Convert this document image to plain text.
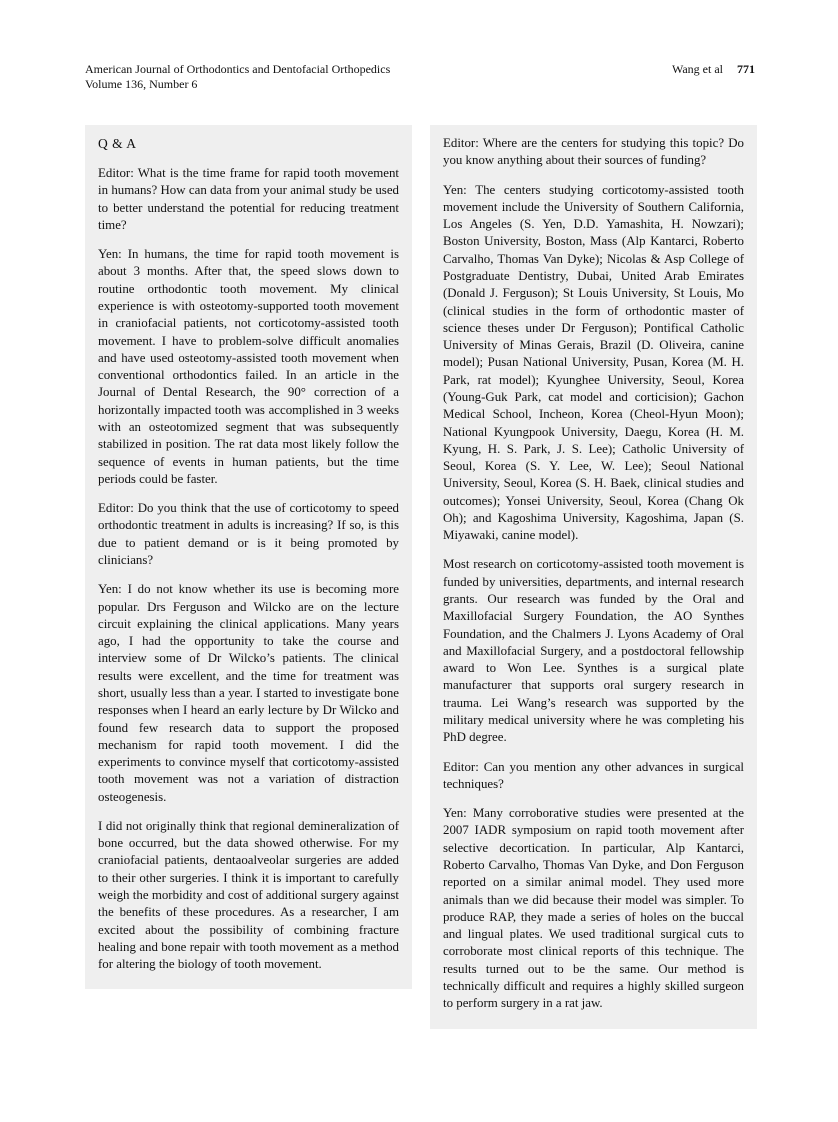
American Journal of Orthodontics and Dentofacial Orthopedics
Volume 136, Number 6
Wang et al 771
Q & A

Editor: What is the time frame for rapid tooth movement in humans? How can data from your animal study be used to better understand the potential for reducing treatment time?

Yen: In humans, the time for rapid tooth movement is about 3 months. After that, the speed slows down to routine orthodontic tooth movement. My clinical experience is with osteotomy-supported tooth movement in craniofacial patients, not corticotomy-assisted tooth movement. I have to problem-solve difficult anomalies and have used osteotomy-assisted tooth movement when conventional orthodontics failed. In an article in the Journal of Dental Research, the 90° correction of a horizontally impacted tooth was accomplished in 3 weeks with an osteotomized segment that was subsequently stabilized in position. The rat data most likely follow the sequence of events in human patients, but the time periods could be faster.

Editor: Do you think that the use of corticotomy to speed orthodontic treatment in adults is increasing? If so, is this due to patient demand or is it being promoted by clinicians?

Yen: I do not know whether its use is becoming more popular. Drs Ferguson and Wilcko are on the lecture circuit explaining the clinical applications. Many years ago, I had the opportunity to take the course and interview some of Dr Wilcko’s patients. The clinical results were excellent, and the time for treatment was short, usually less than a year. I started to investigate bone responses when I heard an early lecture by Dr Wilcko and found few research data to support the proposed mechanism for rapid tooth movement. I did the experiments to convince myself that corticotomy-assisted tooth movement was not a variation of distraction osteogenesis.

I did not originally think that regional demineralization of bone occurred, but the data showed otherwise. For my craniofacial patients, dentaoalveolar surgeries are added to their other surgeries. I think it is important to carefully weigh the morbidity and cost of additional surgery against the benefits of these procedures. As a researcher, I am excited about the possibility of combining fracture healing and bone repair with tooth movement as a method for altering the biology of tooth movement.

Editor: Where are the centers for studying this topic? Do you know anything about their sources of funding?

Yen: The centers studying corticotomy-assisted tooth movement include the University of Southern California, Los Angeles (S. Yen, D.D. Yamashita, H. Nowzari); Boston University, Boston, Mass (Alp Kantarci, Roberto Carvalho, Thomas Van Dyke); Nicolas & Asp College of Postgraduate Dentistry, Dubai, United Arab Emirates (Donald J. Ferguson); St Louis University, St Louis, Mo (clinical studies in the form of orthodontic master of science theses under Dr Ferguson); Pontifical Catholic University of Minas Gerais, Brazil (D. Oliveira, canine model); Pusan National University, Pusan, Korea (M. H. Park, rat model); Kyunghee University, Seoul, Korea (Young-Guk Park, cat model and corticision); Gachon Medical School, Incheon, Korea (Cheol-Hyun Moon); National Kyungpook University, Daegu, Korea (H. M. Kyung, H. S. Park, J. S. Lee); Catholic University of Seoul, Korea (S. Y. Lee, W. Lee); Seoul National University, Seoul, Korea (S. H. Baek, clinical studies and outcomes); Yonsei University, Seoul, Korea (Chang Ok Oh); and Kagoshima University, Kagoshima, Japan (S. Miyawaki, canine model).

Most research on corticotomy-assisted tooth movement is funded by universities, departments, and internal research grants. Our research was funded by the Oral and Maxillofacial Surgery Foundation, the AO Synthes Foundation, and the Chalmers J. Lyons Academy of Oral and Maxillofacial Surgery, and a postdoctoral fellowship award to Won Lee. Synthes is a surgical plate manufacturer that supports oral surgery research in trauma. Lei Wang’s research was supported by the military medical university where he was completing his PhD degree.

Editor: Can you mention any other advances in surgical techniques?

Yen: Many corroborative studies were presented at the 2007 IADR symposium on rapid tooth movement after selective decortication. In particular, Alp Kantarci, Roberto Carvalho, Thomas Van Dyke, and Don Ferguson reported on a similar animal model. They used more animals than we did because their model was simpler. To produce RAP, they made a series of holes on the buccal and lingual plates. We used traditional surgical cuts to corroborate most clinical reports of this technique. The results turned out to be the same. Our method is technically difficult and requires a highly skilled surgeon to perform surgery in a rat jaw.
